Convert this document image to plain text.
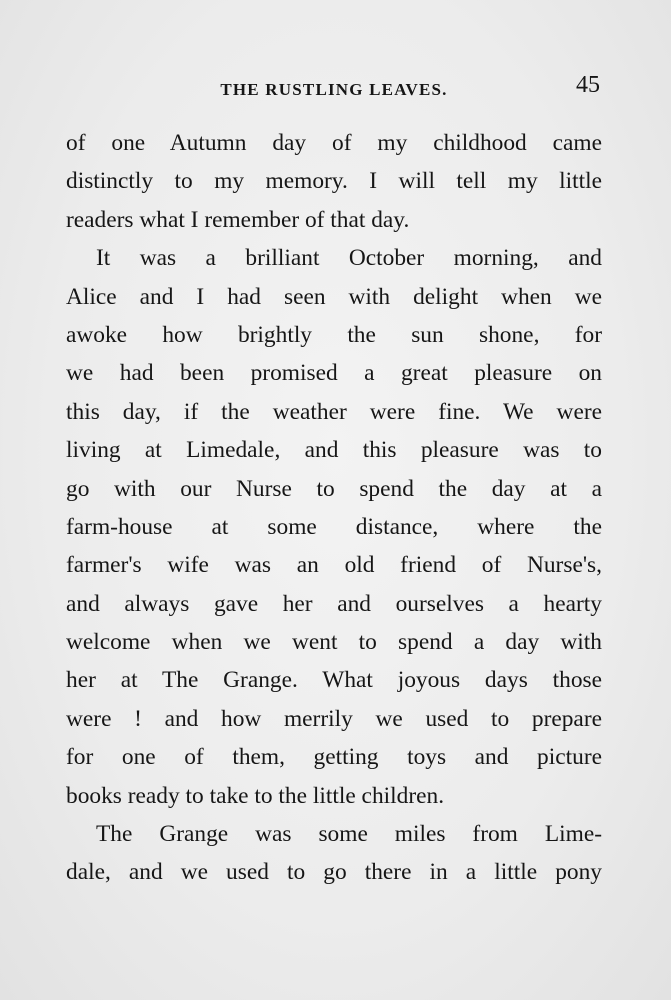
THE RUSTLING LEAVES.	45
of one Autumn day of my childhood came
distinctly to my memory. I will tell my little
readers what I remember of that day.
It was a brilliant October morning, and
Alice and I had seen with delight when we
awoke how brightly the sun shone, for
we had been promised a great pleasure on
this day, if the weather were fine. We were
living at Limedale, and this pleasure was to
go with our Nurse to spend the day at a
farm-house at some distance, where the
farmer's wife was an old friend of Nurse's,
and always gave her and ourselves a hearty
welcome when we went to spend a day with
her at The Grange. What joyous days those
were ! and how merrily we used to prepare
for one of them, getting toys and picture
books ready to take to the little children.
The Grange was some miles from Lime-
dale, and we used to go there in a little pony
